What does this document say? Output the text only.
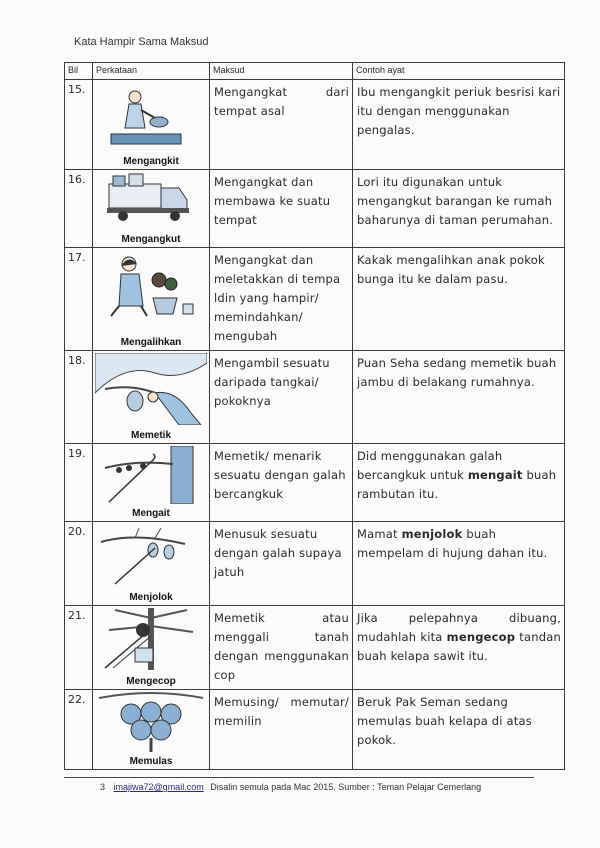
Kata Hampir Sama Maksud
Bil	Perkataan	Maksud	Contoh ayat
15.	Mengangkit	Mengangkat dari tempat asal	Ibu mengangkit periuk besrisi kari itu dengan menggunakan pengalas.
16.	Mengangkut	Mengangkat dan membawa ke suatu tempat	Lori itu digunakan untuk mengangkut barangan ke rumah baharunya di taman perumahan.
17.	Mengalihkan	Mengangkat dan meletakkan di tempa ldin yang hampir/ memindahkan/ mengubah	Kakak mengalihkan anak pokok bunga itu ke dalam pasu.
18.	Memetik	Mengambil sesuatu daripada tangkai/ pokoknya	Puan Seha sedang memetik buah jambu di belakang rumahnya.
19.	Mengait	Memetik/ menarik sesuatu dengan galah bercangkuk	Did menggunakan galah bercangkuk untuk mengait buah rambutan itu.
20.	Menjolok	Menusuk sesuatu dengan galah supaya jatuh	Mamat menjolok buah mempelam di hujung dahan itu.
21.	Mengecop	Memetik atau menggali tanah dengan menggunakan cop	Jika pelepahnya dibuang, mudahlah kita mengecop tandan buah kelapa sawit itu.
22.	Memulas	Memusing/ memutar/ memilin	Beruk Pak Seman sedang memulas buah kelapa di atas pokok.
3 imajiwa72@gmail.com Disalin semula pada Mac 2015. Sumber : Teman Pelajar Cemerlang
